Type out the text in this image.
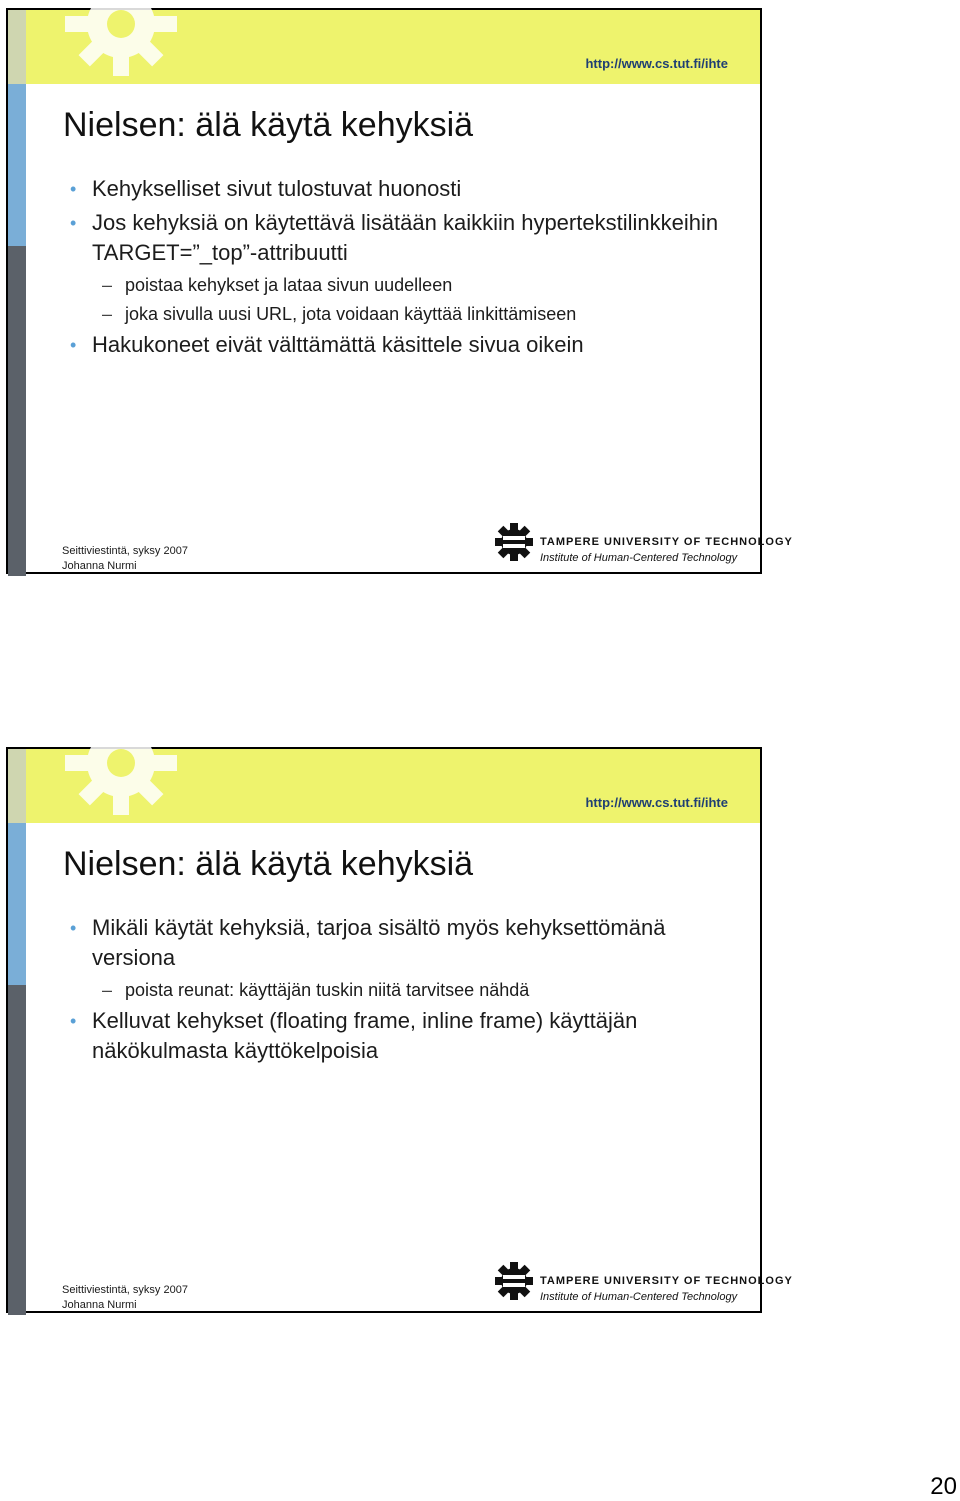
http://www.cs.tut.fi/ihte
Nielsen: älä käytä kehyksiä
• Kehykselliset sivut tulostuvat huonosti
• Jos kehyksiä on käytettävä lisätään kaikkiin hypertekstilinkkeihin TARGET=”_top”-attribuutti
– poistaa kehykset ja lataa sivun uudelleen
– joka sivulla uusi URL, jota voidaan käyttää linkittämiseen
• Hakukoneet eivät välttämättä käsittele sivua oikein
Seittiviestintä, syksy 2007
Johanna Nurmi
TAMPERE UNIVERSITY OF TECHNOLOGY
Institute of Human-Centered Technology
http://www.cs.tut.fi/ihte
Nielsen: älä käytä kehyksiä
• Mikäli käytät kehyksiä, tarjoa sisältö myös kehyksettömänä versiona
– poista reunat: käyttäjän tuskin niitä tarvitsee nähdä
• Kelluvat kehykset (floating frame, inline frame) käyttäjän näkökulmasta käyttökelpoisia
Seittiviestintä, syksy 2007
Johanna Nurmi
TAMPERE UNIVERSITY OF TECHNOLOGY
Institute of Human-Centered Technology
20
